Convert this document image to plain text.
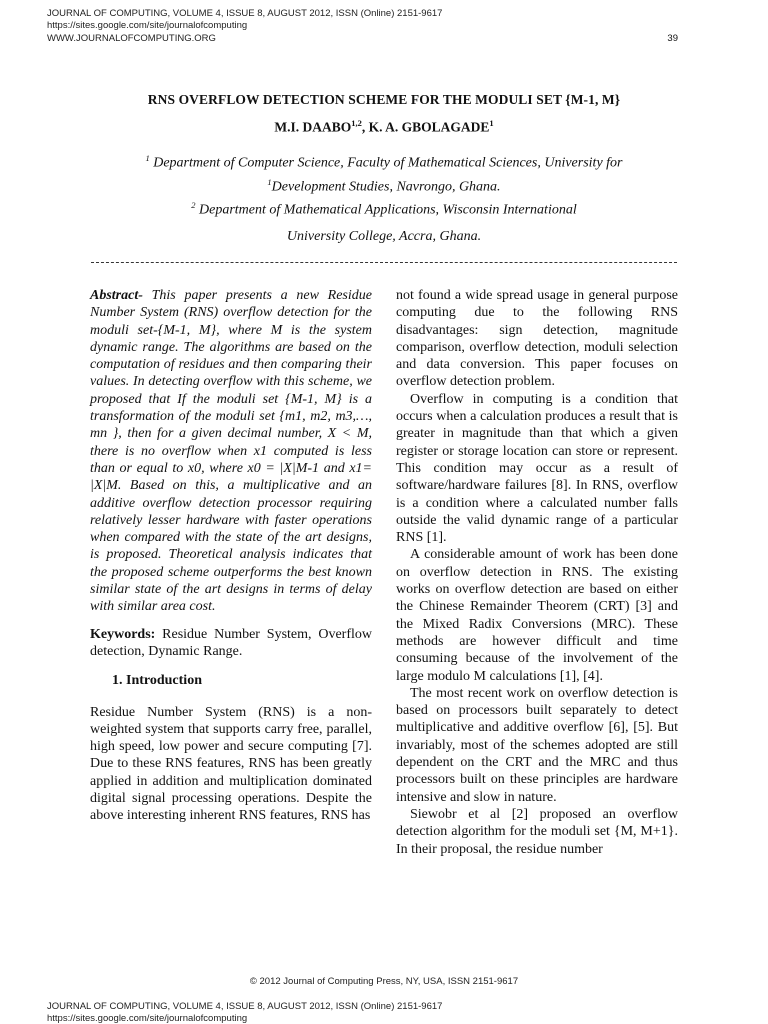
JOURNAL OF COMPUTING, VOLUME 4, ISSUE 8, AUGUST 2012, ISSN (Online) 2151-9617
https://sites.google.com/site/journalofcomputing
WWW.JOURNALOFCOMPUTING.ORG	39
RNS OVERFLOW DETECTION SCHEME FOR THE MODULI SET {M-1, M}
M.I. DAABO$^{1,2}$, K. A. GBOLAGADE$^1$
$^1$ Department of Computer Science, Faculty of Mathematical Sciences, University for
$^1$Development Studies, Navrongo, Ghana.
$^2$ Department of Mathematical Applications, Wisconsin International
University College, Accra, Ghana.

Abstract- This paper presents a new Residue Number System (RNS) overflow detection for the moduli set-{M-1, M}, where M is the system dynamic range. The algorithms are based on the computation of residues and then comparing their values. In detecting overflow with this scheme, we proposed that If the moduli set {M-1, M} is a transformation of the moduli set {m1, m2, m3,…, mn }, then for a given decimal number, X < M, there is no overflow when x1 computed is less than or equal to x0, where x0 = |X|M-1 and x1= |X|M. Based on this, a multiplicative and an additive overflow detection processor requiring relatively lesser hardware with faster operations when compared with the state of the art designs, is proposed. Theoretical analysis indicates that the proposed scheme outperforms the best known similar state of the art designs in terms of delay with similar area cost.

Keywords: Residue Number System, Overflow detection, Dynamic Range.

1. Introduction

Residue Number System (RNS) is a non-weighted system that supports carry free, parallel, high speed, low power and secure computing [7]. Due to these RNS features, RNS has been greatly applied in addition and multiplication dominated digital signal processing operations. Despite the above interesting inherent RNS features, RNS has

not found a wide spread usage in general purpose computing due to the following RNS disadvantages: sign detection, magnitude comparison, overflow detection, moduli selection and data conversion. This paper focuses on overflow detection problem.

Overflow in computing is a condition that occurs when a calculation produces a result that is greater in magnitude than that which a given register or storage location can store or represent. This condition may occur as a result of software/hardware failures [8]. In RNS, overflow is a condition where a calculated number falls outside the valid dynamic range of a particular RNS [1].

A considerable amount of work has been done on overflow detection in RNS. The existing works on overflow detection are based on either the Chinese Remainder Theorem (CRT) [3] and the Mixed Radix Conversions (MRC). These methods are however difficult and time consuming because of the involvement of the large modulo M calculations [1], [4].

The most recent work on overflow detection is based on processors built separately to detect multiplicative and additive overflow [6], [5]. But invariably, most of the schemes adopted are still dependent on the CRT and the MRC and thus processors built on these principles are hardware intensive and slow in nature.

Siewobr et al [2] proposed an overflow detection algorithm for the moduli set {M, M+1}. In their proposal, the residue number

© 2012 Journal of Computing Press, NY, USA, ISSN 2151-9617
JOURNAL OF COMPUTING, VOLUME 4, ISSUE 8, AUGUST 2012, ISSN (Online) 2151-9617
https://sites.google.com/site/journalofcomputing
